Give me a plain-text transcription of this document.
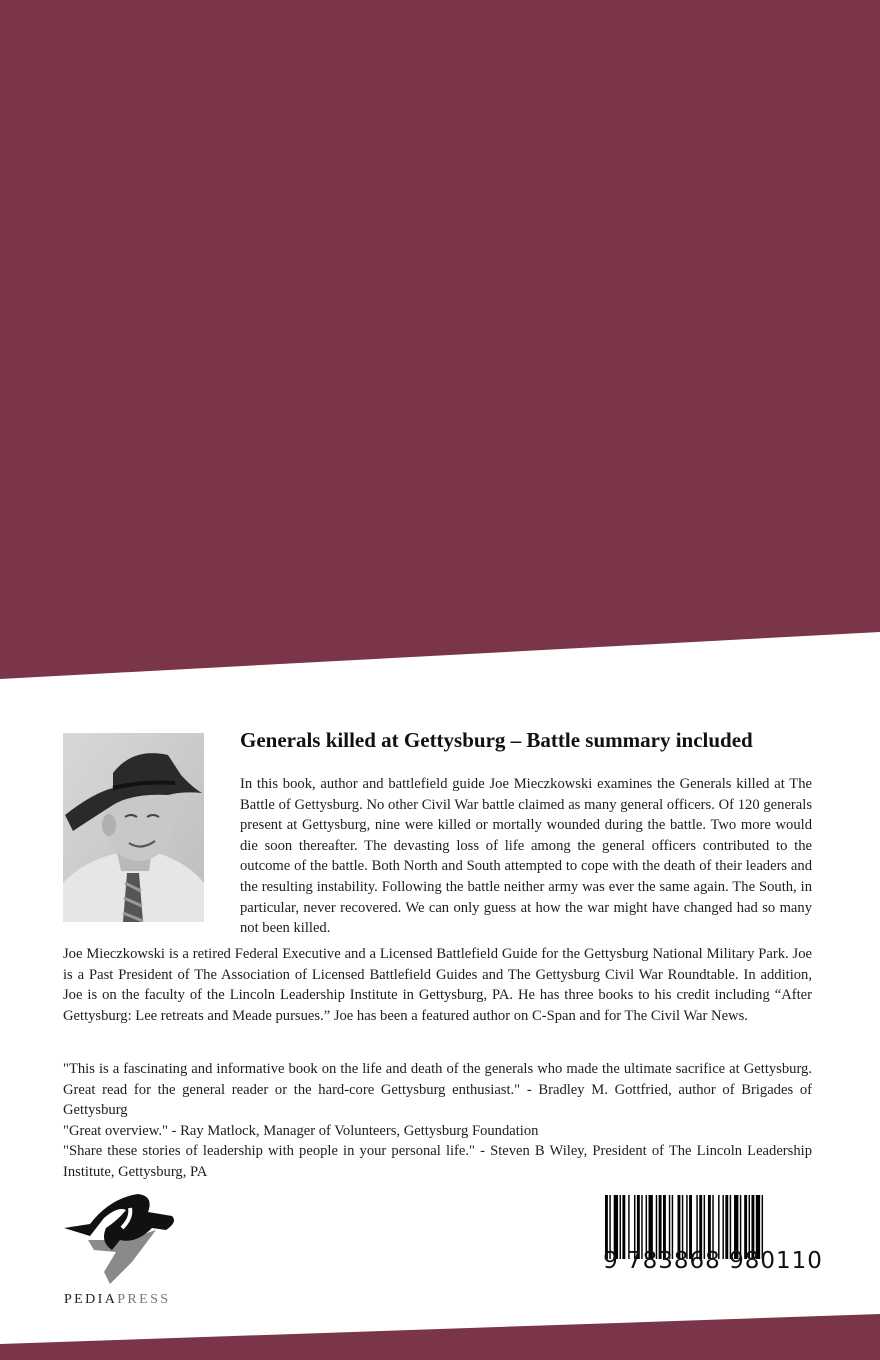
Generals killed at Gettysburg – Battle summary included
In this book, author and battlefield guide Joe Mieczkowski examines the Generals killed at The Battle of Gettysburg. No other Civil War battle claimed as many general officers. Of 120 generals present at Gettysburg, nine were killed or mortally wounded during the battle. Two more would die soon thereafter. The devasting loss of life among the general officers contributed to the outcome of the battle. Both North and South attempted to cope with the death of their leaders and the resulting instability. Following the battle neither army was ever the same again. The South, in particular, never recovered. We can only guess at how the war might have changed had so many not been killed.
Joe Mieczkowski is a retired Federal Executive and a Licensed Battlefield Guide for the Gettysburg National Military Park. Joe is a Past President of The Association of Licensed Battlefield Guides and The Gettysburg Civil War Roundtable. In addition, Joe is on the faculty of the Lincoln Leadership Institute in Gettysburg, PA. He has three books to his credit including “After Gettysburg: Lee retreats and Meade pursues.” Joe has been a featured author on C-Span and for The Civil War News.
"This is a fascinating and informative book on the life and death of the generals who made the ultimate sacrifice at Gettysburg. Great read for the general reader or the hard-core Gettysburg enthusiast." - Bradley M. Gottfried, author of Brigades of Gettysburg
"Great overview." - Ray Matlock, Manager of Volunteers, Gettysburg Foundation
"Share these stories of leadership with people in your personal life." - Steven B Wiley, President of The Lincoln Leadership Institute, Gettysburg, PA
PEDIAPRESS
9 783868 980110
